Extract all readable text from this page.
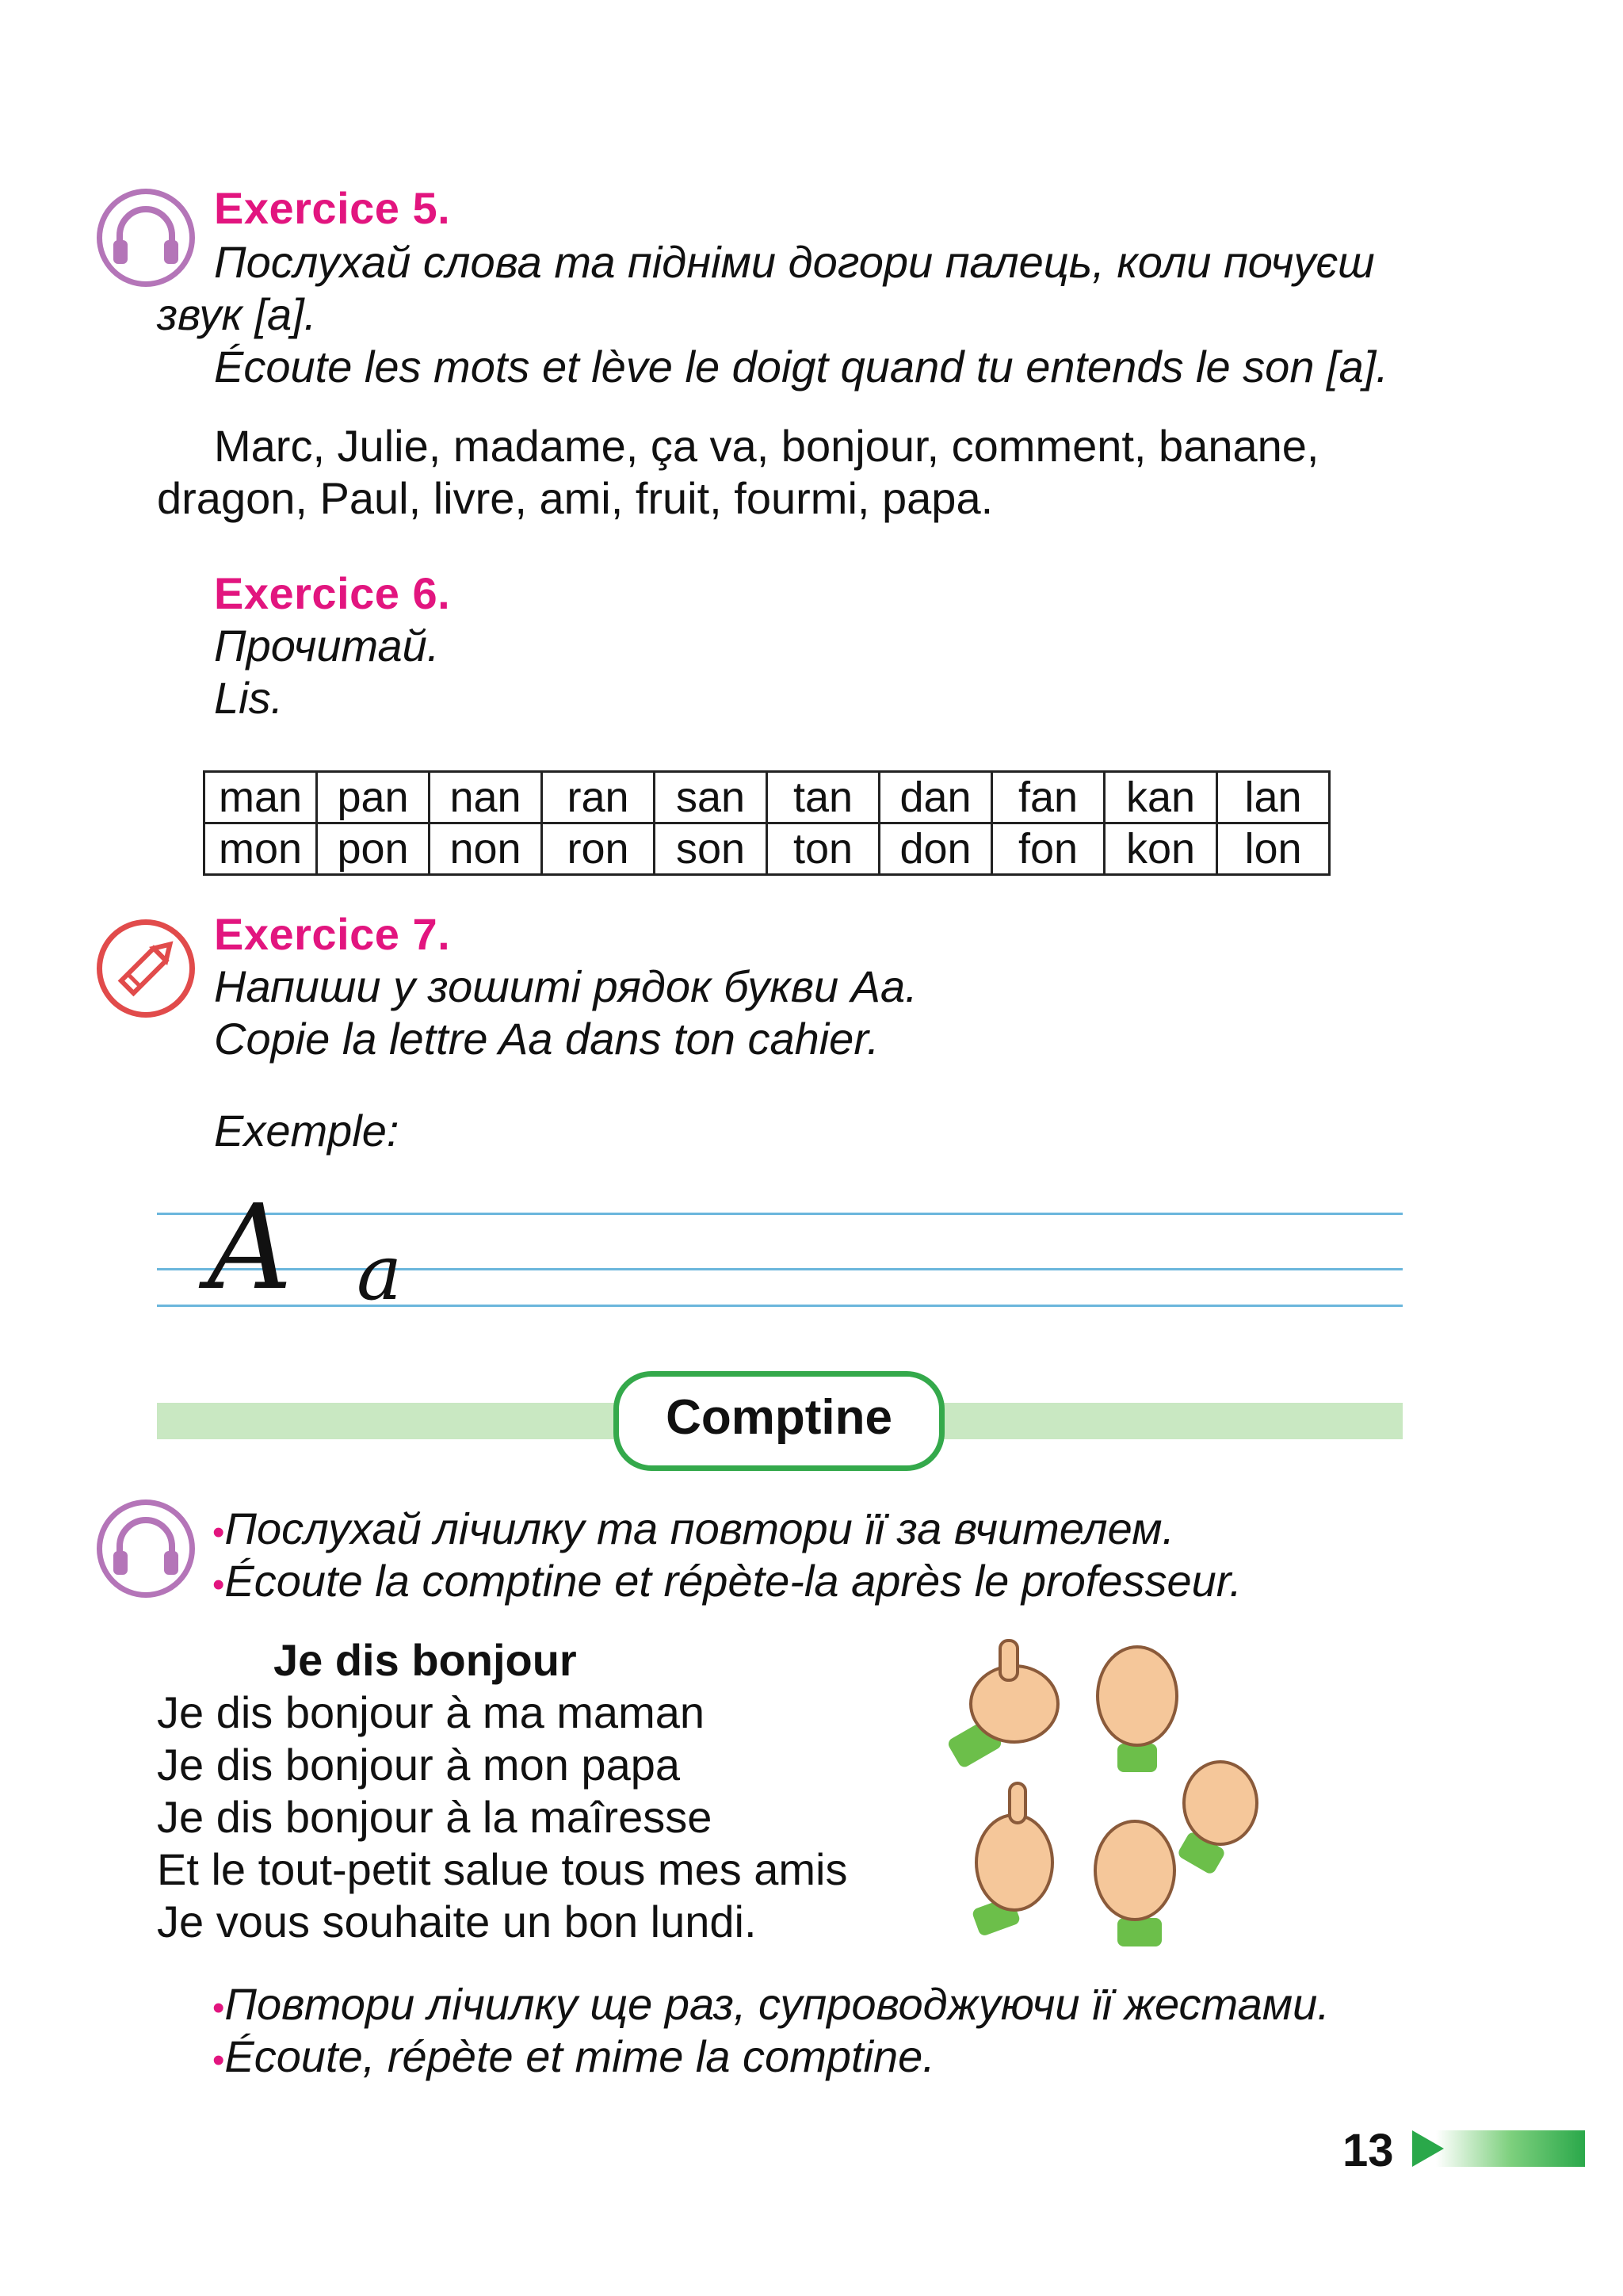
Exercice 5.
Послухай слова та підніми догори палець, коли почуєш
звук [a].
Écoute les mots et lève le doigt quand tu entends le son [a].
Marc, Julie, madame, ça va, bonjour, comment, banane,
dragon, Paul, livre, ami, fruit, fourmi, papa.
Exercice 6.
Прочитай.
Lis.
man	pan	nan	ran	san	tan	dan	fan	kan	lan
mon	pon	non	ron	son	ton	don	fon	kon	lon
Exercice 7.
Напиши у зошиті рядок букви Aa.
Copie la lettre Aa dans ton cahier.
Exemple:
A a
Comptine
•Послухай лічилку та повтори її за вчителем.
•Écoute la comptine et répète-la après le professeur.
Je dis bonjour
Je dis bonjour à ma maman
Je dis bonjour à mon papa
Je dis bonjour à la maîresse
Et le tout-petit salue tous mes amis
Je vous souhaite un bon lundi.
•Повтори лічилку ще раз, супроводжуючи її жестами.
•Écoute, répète et mime la comptine.
13
